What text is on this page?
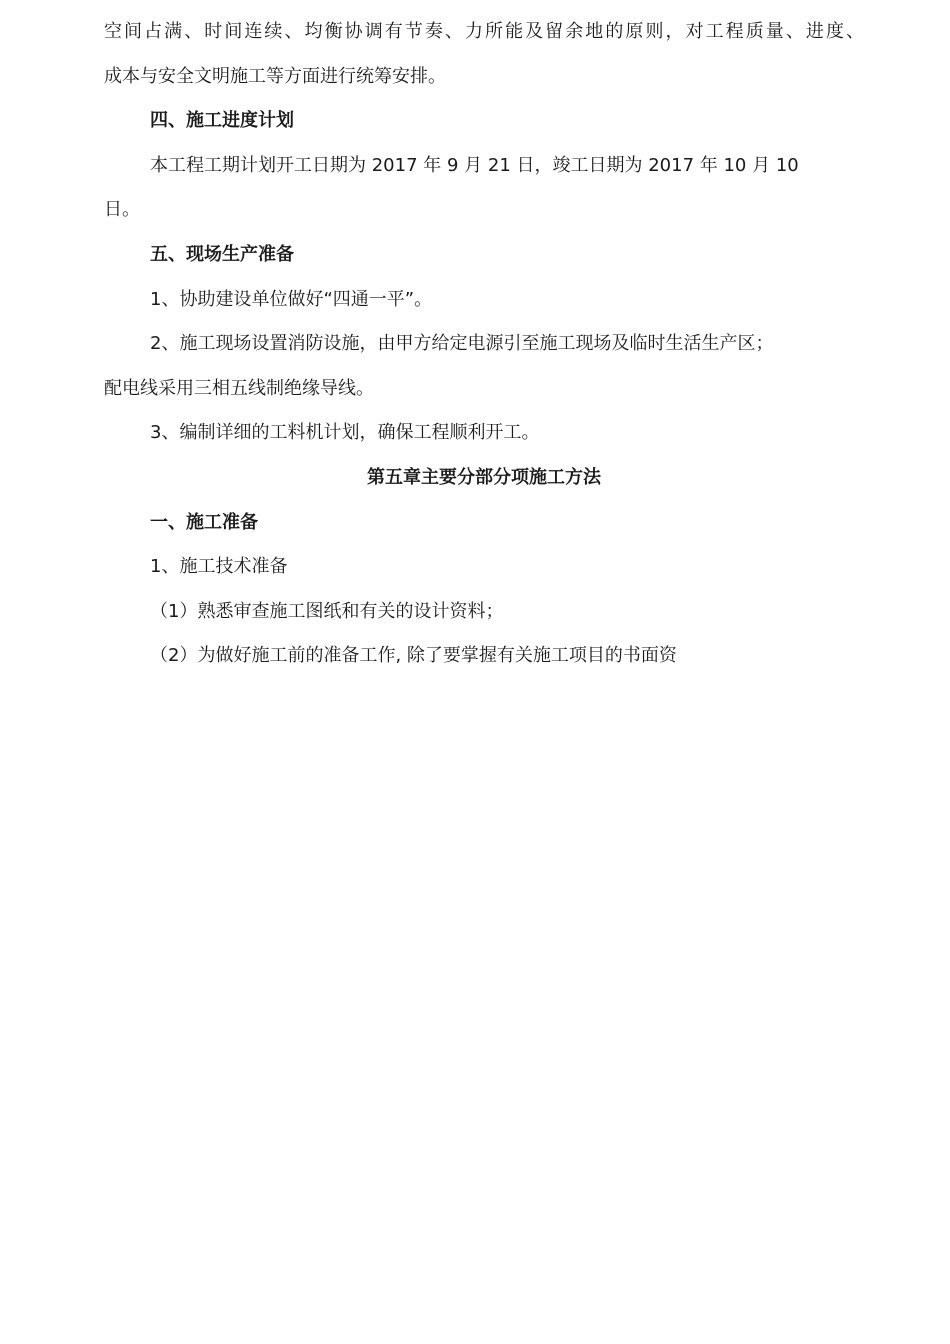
空间占满、时间连续、均衡协调有节奏、力所能及留余地的原则，对工程质量、进度、

成本与安全文明施工等方面进行统筹安排。

四、施工进度计划

本工程工期计划开工日期为 2017 年 9 月 21 日，竣工日期为 2017 年 10 月 10

日。

五、现场生产准备

1、协助建设单位做好“四通一平”。

2、施工现场设置消防设施，由甲方给定电源引至施工现场及临时生活生产区；

配电线采用三相五线制绝缘导线。

3、编制详细的工料机计划，确保工程顺利开工。

第五章主要分部分项施工方法

一、施工准备

1、施工技术准备

（1）熟悉审查施工图纸和有关的设计资料；

（2）为做好施工前的准备工作, 除了要掌握有关施工项目的书面资
